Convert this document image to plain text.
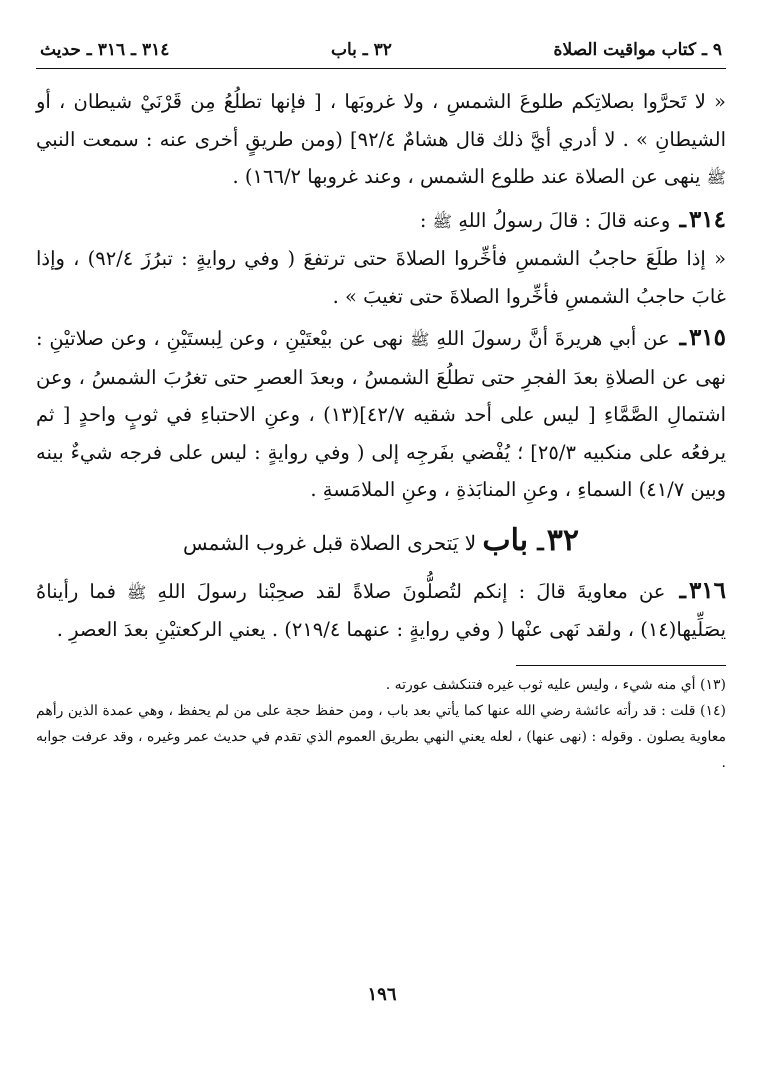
٩ ـ كتاب مواقيت الصلاة
٣٢ ـ باب
٣١٤ ـ ٣١٦ ـ حديث

« لا تَحرَّوا بصلاتِكم طلوعَ الشمسِ ، ولا غروبَها ، [ فإنها تطلُعُ مِن قَرْنَيْ شيطان ، أو الشيطانِ » . لا أدري أيَّ ذلك قال هشامٌ ٩٢/٤] (ومن طريقٍ أخرى عنه : سمعت النبي ﷺ ينهى عن الصلاة عند طلوع الشمس ، وعند غروبها ١٦٦/٢) .

٣١٤ـ وعنه قالَ : قالَ رسولُ اللهِ ﷺ :

« إذا طلَعَ حاجبُ الشمسِ فأخِّروا الصلاةَ حتى ترتفعَ ( وفي روايةٍ : تبرُزَ ٩٢/٤) ، وإذا غابَ حاجبُ الشمسِ فأخِّروا الصلاةَ حتى تغيبَ » .

٣١٥ـ عن أبي هريرةَ أنَّ رسولَ اللهِ ﷺ نهى عن بيْعتَيْنِ ، وعن لِبستَيْنِ ، وعن صلاتيْنِ : نهى عن الصلاةِ بعدَ الفجرِ حتى تطلُعَ الشمسُ ، وبعدَ العصرِ حتى تغرُبَ الشمسُ ، وعن اشتمالِ الصَّمَّاءِ [ ليس على أحد شقيه ٤٢/٧](١٣) ، وعنِ الاحتباءِ في ثوبٍ واحدٍ [ ثم يرفعُه على منكبيه ٢٥/٣] ؛ يُفْضي بفَرجِه إلى ( وفي روايةٍ : ليس على فرجه شيءٌ بينه وبين ٤١/٧) السماءِ ، وعنِ المنابَذةِ ، وعنِ الملامَسةِ .

٣٢ـ باب لا يَتحرى الصلاة قبل غروب الشمس

٣١٦ـ عن معاويةَ قالَ : إنكم لتُصلُّونَ صلاةً لقد صحِبْنا رسولَ اللهِ ﷺ فما رأيناهُ يصَلِّيها(١٤) ، ولقد نَهى عنْها ( وفي روايةٍ : عنهما ٢١٩/٤) . يعني الركعتيْنِ بعدَ العصرِ .

(١٣) أي منه شيء ، وليس عليه ثوب غيره فتنكشف عورته .

(١٤) قلت : قد رأته عائشة رضي الله عنها كما يأتي بعد باب ، ومن حفظ حجة على من لم يحفظ ، وهي عمدة الذين رأهم معاوية يصلون . وقوله : (نهى عنها) ، لعله يعني النهي بطريق العموم الذي تقدم في حديث عمر وغيره ، وقد عرفت جوابه .

١٩٦
